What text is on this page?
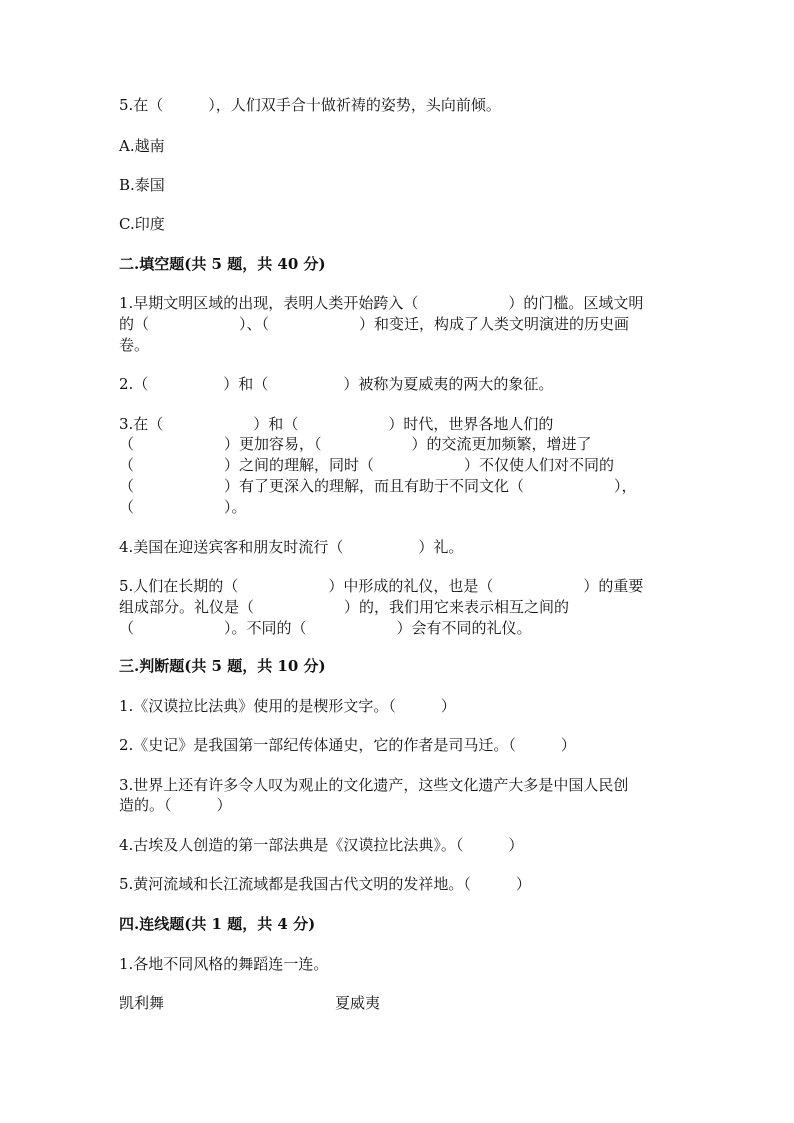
5.在（　　　），人们双手合十做祈祷的姿势，头向前倾。
A.越南
B.泰国
C.印度
二.填空题(共 5 题，共 40 分)
1.早期文明区域的出现，表明人类开始跨入（　　　　　　）的门槛。区域文明
的（　　　　　　）、（　　　　　　）和变迁，构成了人类文明演进的历史画
卷。
2.（　　　　　）和（　　　　　）被称为夏威夷的两大的象征。
3.在（　　　　　　）和（　　　　　　）时代，世界各地人们的
（　　　　　　）更加容易，（　　　　　　）的交流更加频繁，增进了
（　　　　　　）之间的理解，同时（　　　　　　）不仅使人们对不同的
（　　　　　　）有了更深入的理解，而且有助于不同文化（　　　　　　），
（　　　　　　）。
4.美国在迎送宾客和朋友时流行（　　　　　）礼。
5.人们在长期的（　　　　　　）中形成的礼仪，也是（　　　　　　）的重要
组成部分。礼仪是（　　　　　　）的，我们用它来表示相互之间的
（　　　　　　）。不同的（　　　　　　）会有不同的礼仪。
三.判断题(共 5 题，共 10 分)
1.《汉谟拉比法典》使用的是楔形文字。（　　　）
2.《史记》是我国第一部纪传体通史，它的作者是司马迁。（　　　）
3.世界上还有许多令人叹为观止的文化遗产，这些文化遗产大多是中国人民创
造的。（　　　）
4.古埃及人创造的第一部法典是《汉谟拉比法典》。（　　　）
5.黄河流域和长江流域都是我国古代文明的发祥地。（　　　）
四.连线题(共 1 题，共 4 分)
1.各地不同风格的舞蹈连一连。
凯利舞	夏威夷
